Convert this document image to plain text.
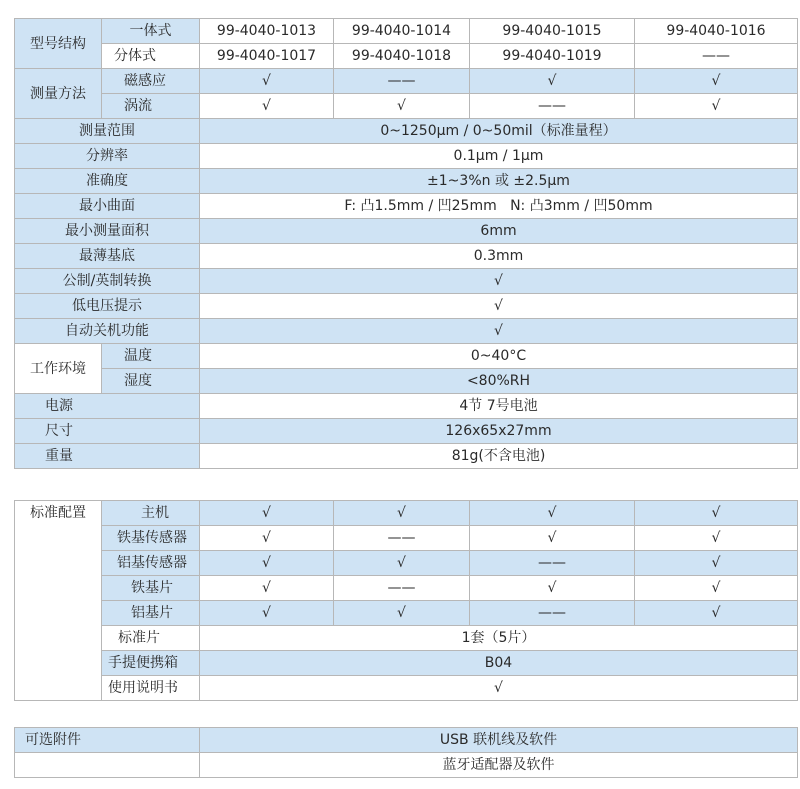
型号结构	一体式	99-4040-1013	99-4040-1014	99-4040-1015	99-4040-1016
	分体式	99-4040-1017	99-4040-1018	99-4040-1019	——
测量方法	磁感应	√	——	√	√
	涡流	√	√	——	√
测量范围		0~1250μm / 0~50mil（标准量程）			
分辨率		0.1μm / 1μm			
准确度		±1~3%n 或 ±2.5μm			
最小曲面		F: 凸1.5mm / 凹25mm   N: 凸3mm / 凹50mm			
最小测量面积		6mm			
最薄基底		0.3mm			
公制/英制转换		√			
低电压提示		√			
自动关机功能		√			
工作环境	温度	0~40°C			
	湿度	<80%RH			
电源		4节 7号电池			
尺寸		126x65x27mm			
重量		81g(不含电池)			
标准配置	主机	√	√	√	√
	铁基传感器	√	——	√	√
	铝基传感器	√	√	——	√
	铁基片	√	——	√	√
	铝基片	√	√	——	√
	标准片	1套（5片）			
	手提便携箱	B04			
	使用说明书	√			
可选附件	USB 联机线及软件
	蓝牙适配器及软件
